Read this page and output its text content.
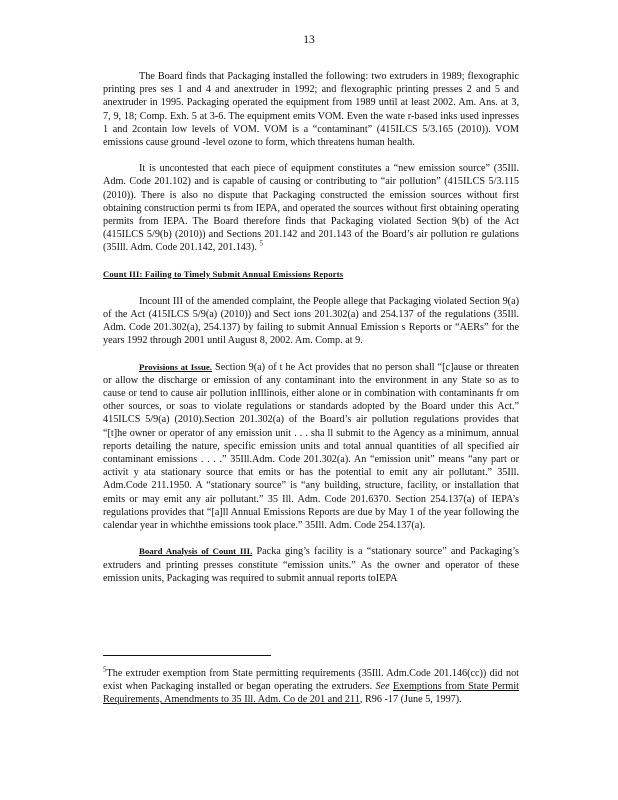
13

The Board finds that Packaging installed the following: two extruders in 1989; flexographic printing pres ses 1 and 4 and anextruder in 1992; and flexographic printing presses 2 and 5 and anextruder in 1995. Packaging operated the equipment from 1989 until at least 2002. Am. Ans. at 3, 7, 9, 18; Comp. Exh. 5 at 3-6. The equipment emits VOM. Even the wate r-based inks used inpresses 1 and 2contain low levels of VOM. VOM is a “contaminant” (415ILCS 5/3.165 (2010)). VOM emissions cause ground -level ozone to form, which threatens human health.

It is uncontested that each piece of equipment constitutes a “new emission source” (35Ill. Adm. Code 201.102) and is capable of causing or contributing to “air pollution” (415ILCS 5/3.115 (2010)). There is also no dispute that Packaging constructed the emission sources without first obtaining construction permi ts from IEPA, and operated the sources without first obtaining operating permits from IEPA. The Board therefore finds that Packaging violated Section 9(b) of the Act (415ILCS 5/9(b) (2010)) and Sections 201.142 and 201.143 of the Board’s air pollution re gulations (35Ill. Adm. Code 201.142, 201.143). $^5$

Count III: Failing to Timely Submit Annual Emissions Reports

Incount III of the amended complaint, the People allege that Packaging violated Section 9(a) of the Act (415ILCS 5/9(a) (2010)) and Sect ions 201.302(a) and 254.137 of the regulations (35Ill. Adm. Code 201.302(a), 254.137) by failing to submit Annual Emission s Reports or “AERs” for the years 1992 through 2001 until August 8, 2002. Am. Comp. at 9.

Provisions at Issue. Section 9(a) of t he Act provides that no person shall “[c]ause or threaten or allow the discharge or emission of any contaminant into the environment in any State so as to cause or tend to cause air pollution inIllinois, either alone or in combination with contaminants fr om other sources, or soas to violate regulations or standards adopted by the Board under this Act.” 415ILCS 5/9(a) (2010).Section 201.302(a) of the Board’s air pollution regulations provides that “[t]he owner or operator of any emission unit . . . sha ll submit to the Agency as a minimum, annual reports detailing the nature, specific emission units and total annual quantities of all specified air contaminant emissions . . . .” 35Ill.Adm. Code 201.302(a). An “emission unit” means “any part or activit y ata stationary source that emits or has the potential to emit any air pollutant.” 35Ill. Adm.Code 211.1950. A “stationary source” is “any building, structure, facility, or installation that emits or may emit any air pollutant.” 35 Ill. Adm. Code 201.6370. Section 254.137(a) of IEPA’s regulations provides that “[a]ll Annual Emissions Reports are due by May 1 of the year following the calendar year in whichthe emissions took place.” 35Ill. Adm. Code 254.137(a).

Board Analysis of Count III. Packa ging’s facility is a “stationary source” and Packaging’s extruders and printing presses constitute “emission units.” As the owner and operator of these emission units, Packaging was required to submit annual reports toIEPA

$^5$The extruder exemption from State permitting requirements (35Ill. Adm.Code 201.146(cc)) did not exist when Packaging installed or began operating the extruders. See Exemptions from State Permit Requirements, Amendments to 35 Ill. Adm. Co de 201 and 211, R96 -17 (June 5, 1997).
